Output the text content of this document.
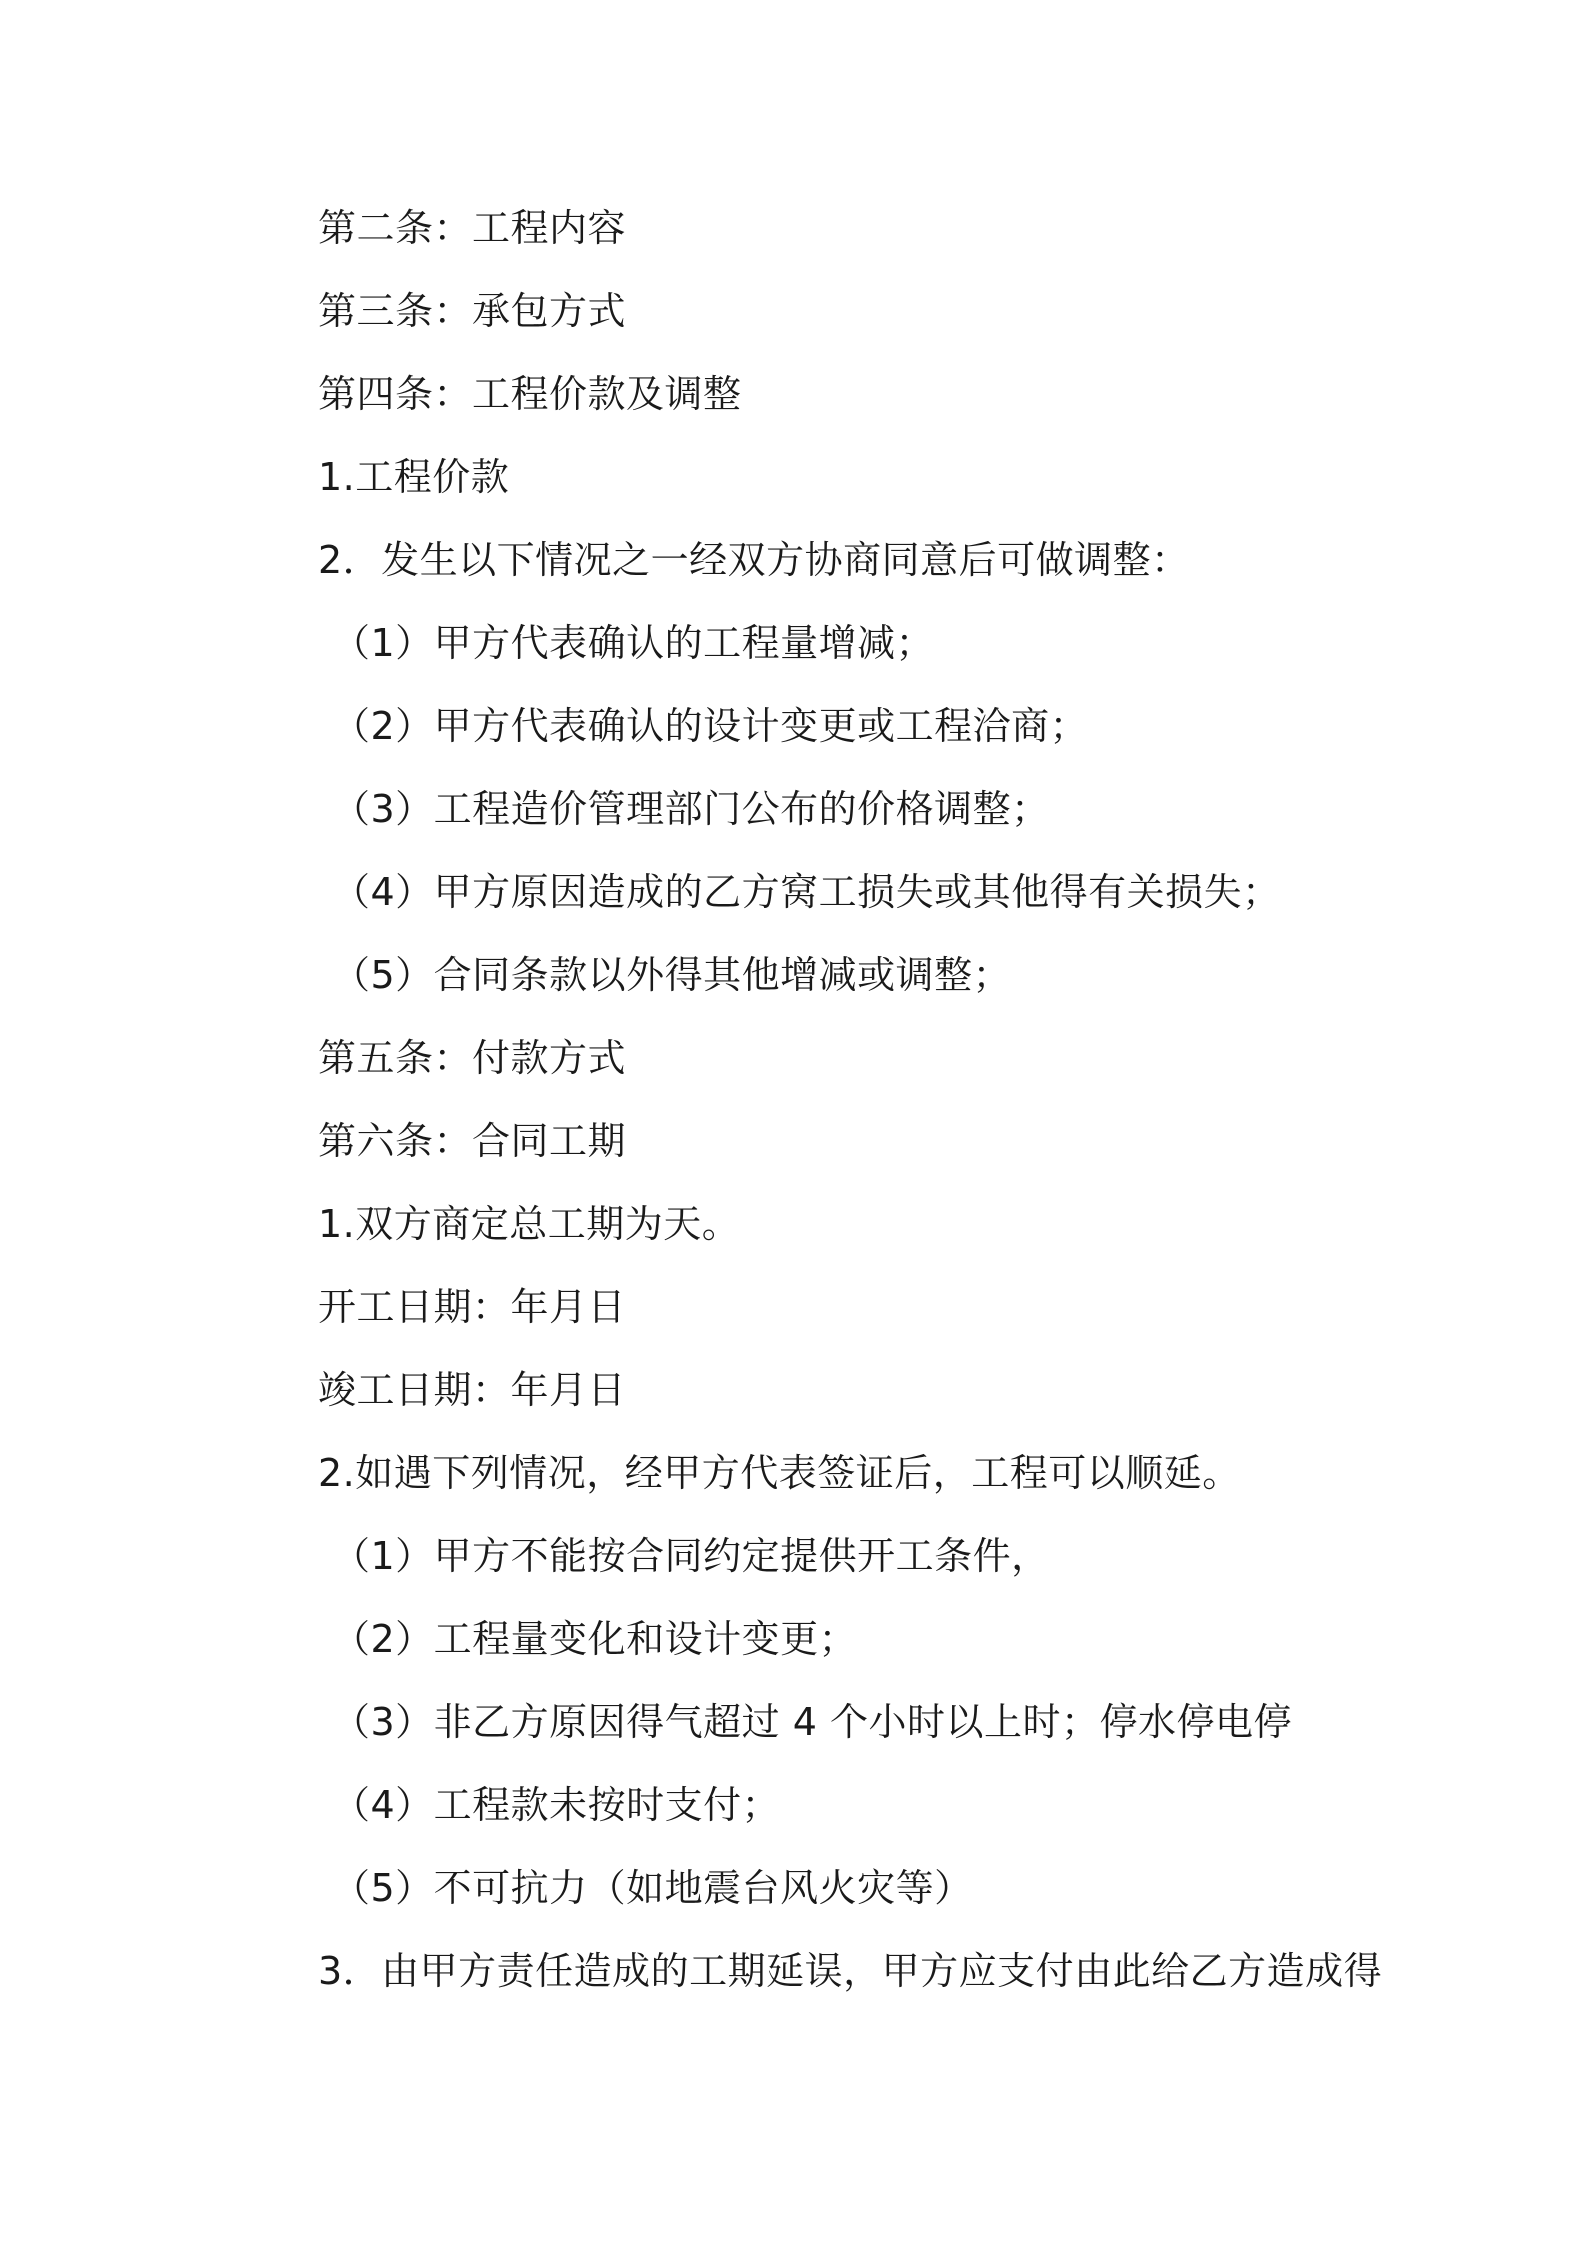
第二条：工程内容
第三条：承包方式
第四条：工程价款及调整
1.工程价款
2．发生以下情况之一经双方协商同意后可做调整：
（1）甲方代表确认的工程量增减；
（2）甲方代表确认的设计变更或工程洽商；
（3）工程造价管理部门公布的价格调整；
（4）甲方原因造成的乙方窝工损失或其他得有关损失；
（5）合同条款以外得其他增减或调整；
第五条：付款方式
第六条：合同工期
1.双方商定总工期为天。
开工日期：年月日
竣工日期：年月日
2.如遇下列情况，经甲方代表签证后，工程可以顺延。
（1）甲方不能按合同约定提供开工条件，
（2）工程量变化和设计变更；
（3）非乙方原因得气超过 4 个小时以上时；停水停电停
（4）工程款未按时支付；
（5）不可抗力（如地震台风火灾等）
3．由甲方责任造成的工期延误，甲方应支付由此给乙方造成得
